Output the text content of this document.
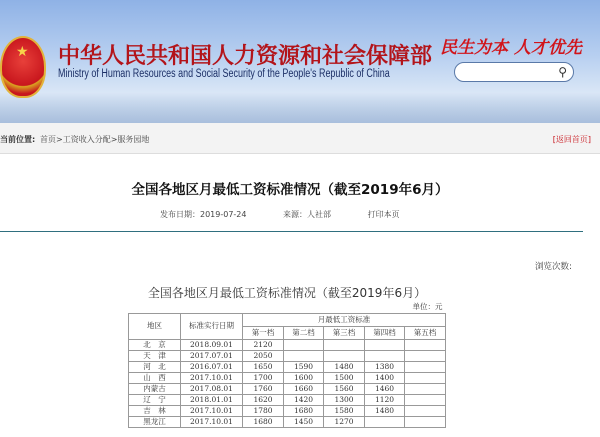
★ 中华人民共和国人力资源和社会保障部
Ministry of Human Resources and Social Security of the People's Republic of China
民生为本 人才优先
⚲
当前位置: 首页>工资收入分配>服务园地	[返回首页]
全国各地区月最低工资标准情况（截至2019年6月）
发布日期：2019-07-24	来源：人社部	打印本页
浏览次数:
全国各地区月最低工资标准情况（截至2019年6月）						
单位：元						
地区	标准实行日期	月最低工资标准				
		第一档	第二档	第三档	第四档	第五档
北　京	2018.09.01	2120				
天　津	2017.07.01	2050				
河　北	2016.07.01	1650	1590	1480	1380	
山　西	2017.10.01	1700	1600	1500	1400	
内蒙古	2017.08.01	1760	1660	1560	1460	
辽　宁	2018.01.01	1620	1420	1300	1120	
吉　林	2017.10.01	1780	1680	1580	1480	
黑龙江	2017.10.01	1680	1450	1270		
